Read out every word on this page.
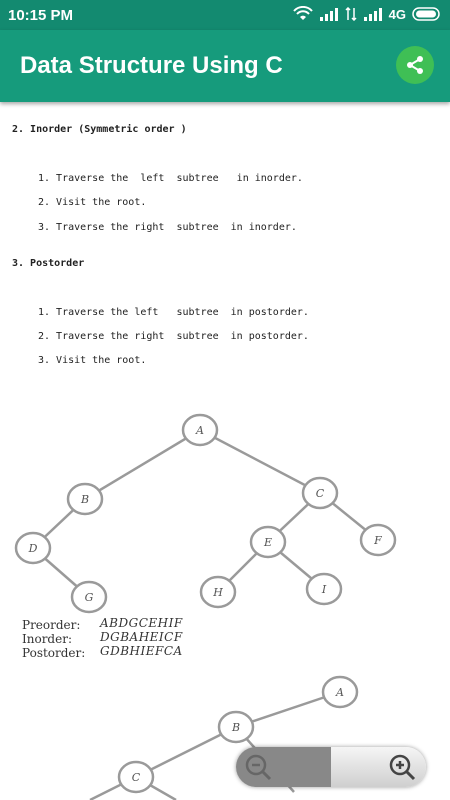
10:15 PM	4G
Data Structure Using C
2. Inorder (Symmetric order )
1. Traverse the  left  subtree   in inorder.
2. Visit the root.
3. Traverse the right  subtree  in inorder.
3. Postorder
1. Traverse the left   subtree  in postorder.
2. Traverse the right  subtree  in postorder.
3. Visit the root.
A
B	C
D	E	F
G	H	I
Preorder: ABDGCEHIF
Inorder: DGBAHEICF
Postorder: GDBHIEFCA
A
B
C
